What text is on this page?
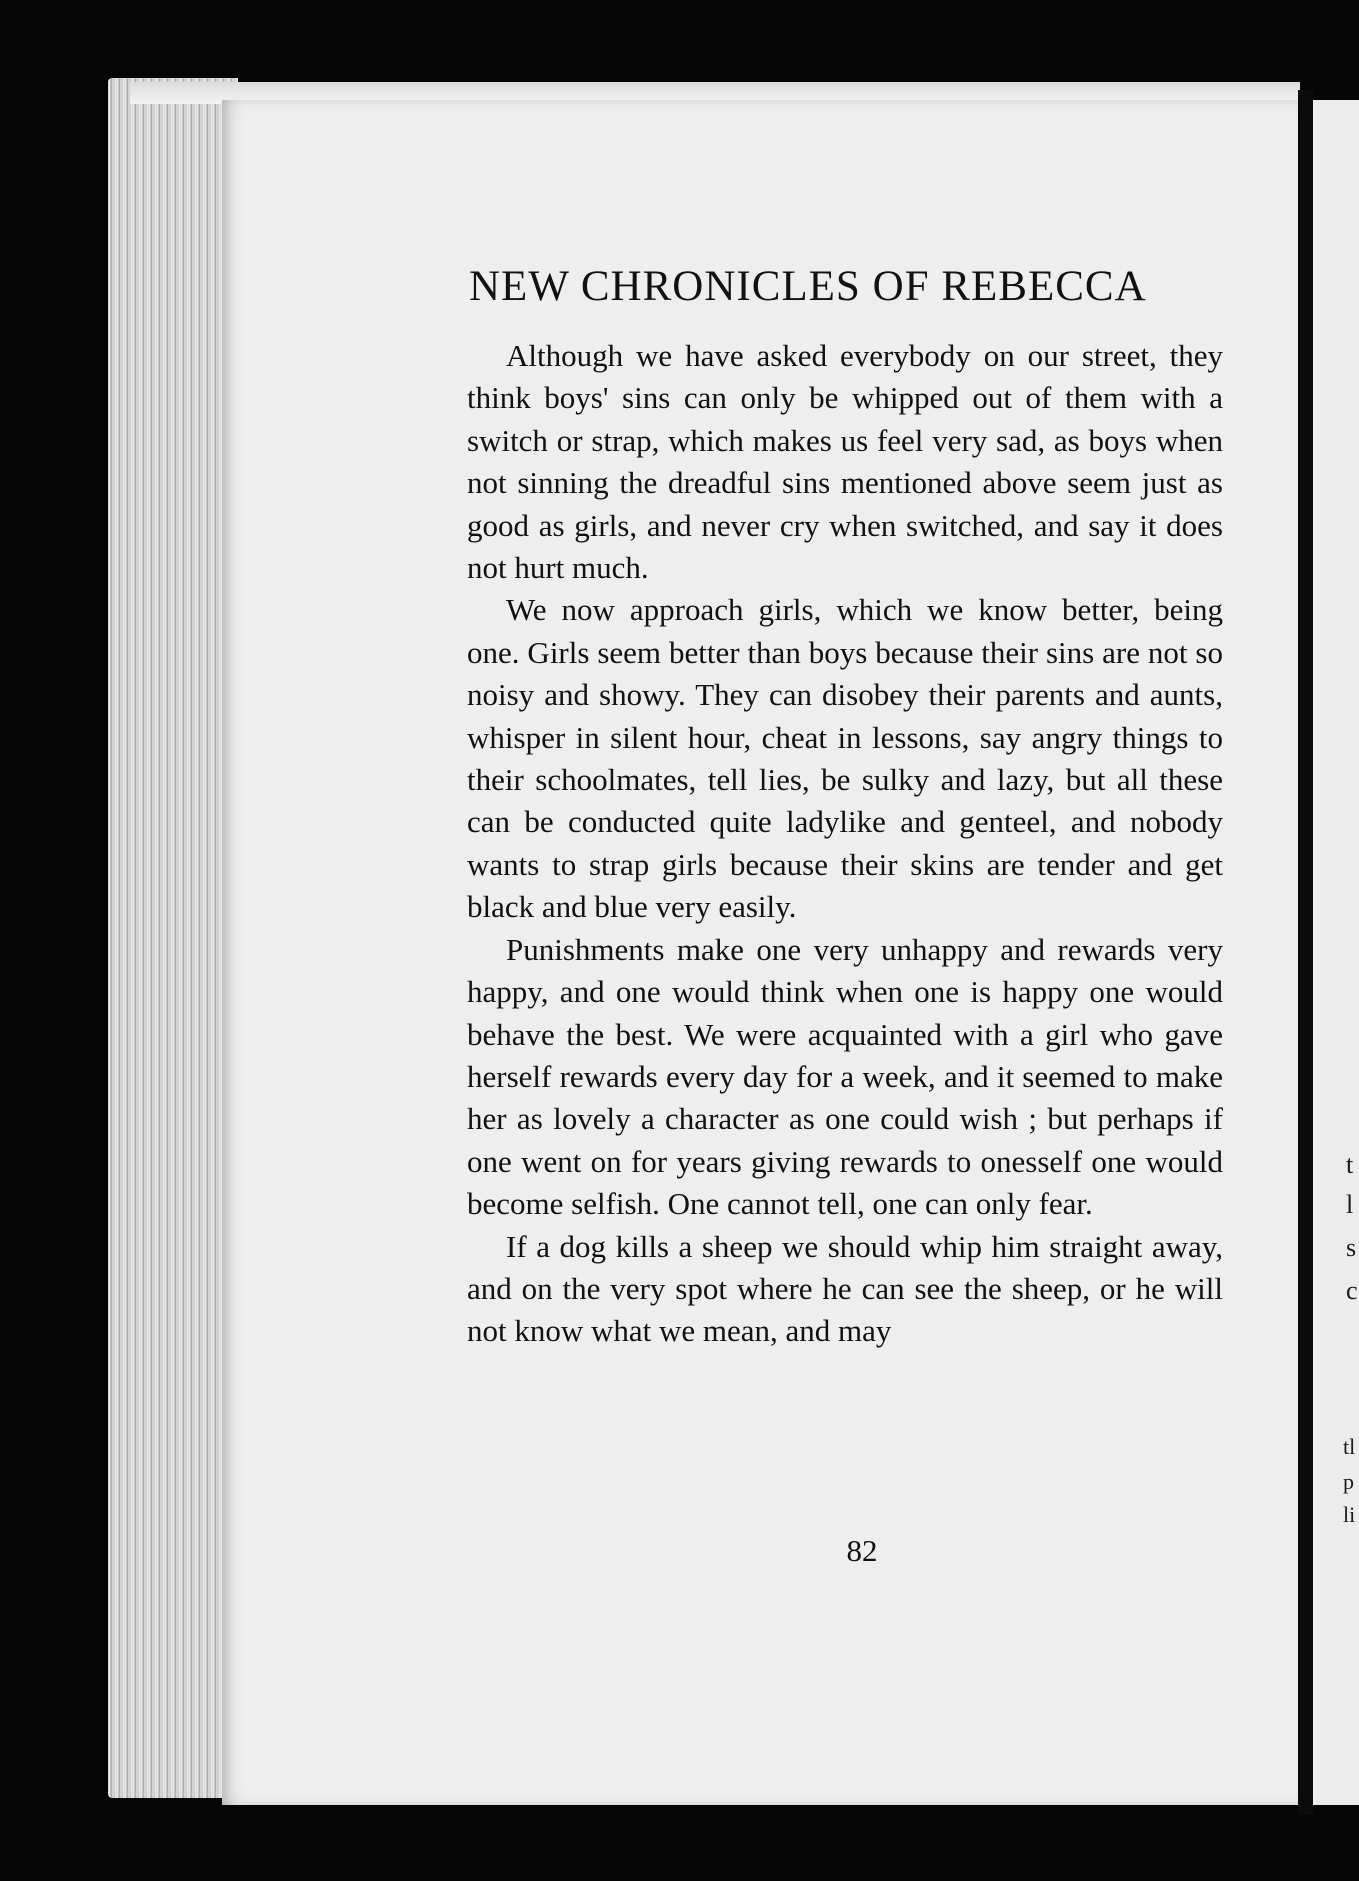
t
l
s
c
tl
p
li
NEW CHRONICLES OF REBECCA

Although we have asked everybody on our street, they think boys' sins can only be whipped out of them with a switch or strap, which makes us feel very sad, as boys when not sinning the dreadful sins mentioned above seem just as good as girls, and never cry when switched, and say it does not hurt much.

We now approach girls, which we know better, being one. Girls seem better than boys because their sins are not so noisy and showy. They can disobey their parents and aunts, whisper in silent hour, cheat in lessons, say angry things to their schoolmates, tell lies, be sulky and lazy, but all these can be conducted quite ladylike and genteel, and nobody wants to strap girls because their skins are tender and get black and blue very easily.

Punishments make one very unhappy and rewards very happy, and one would think when one is happy one would behave the best. We were acquainted with a girl who gave herself rewards every day for a week, and it seemed to make her as lovely a character as one could wish ; but perhaps if one went on for years giving rewards to onesself one would become selfish. One cannot tell, one can only fear.

If a dog kills a sheep we should whip him straight away, and on the very spot where he can see the sheep, or he will not know what we mean, and may

82
